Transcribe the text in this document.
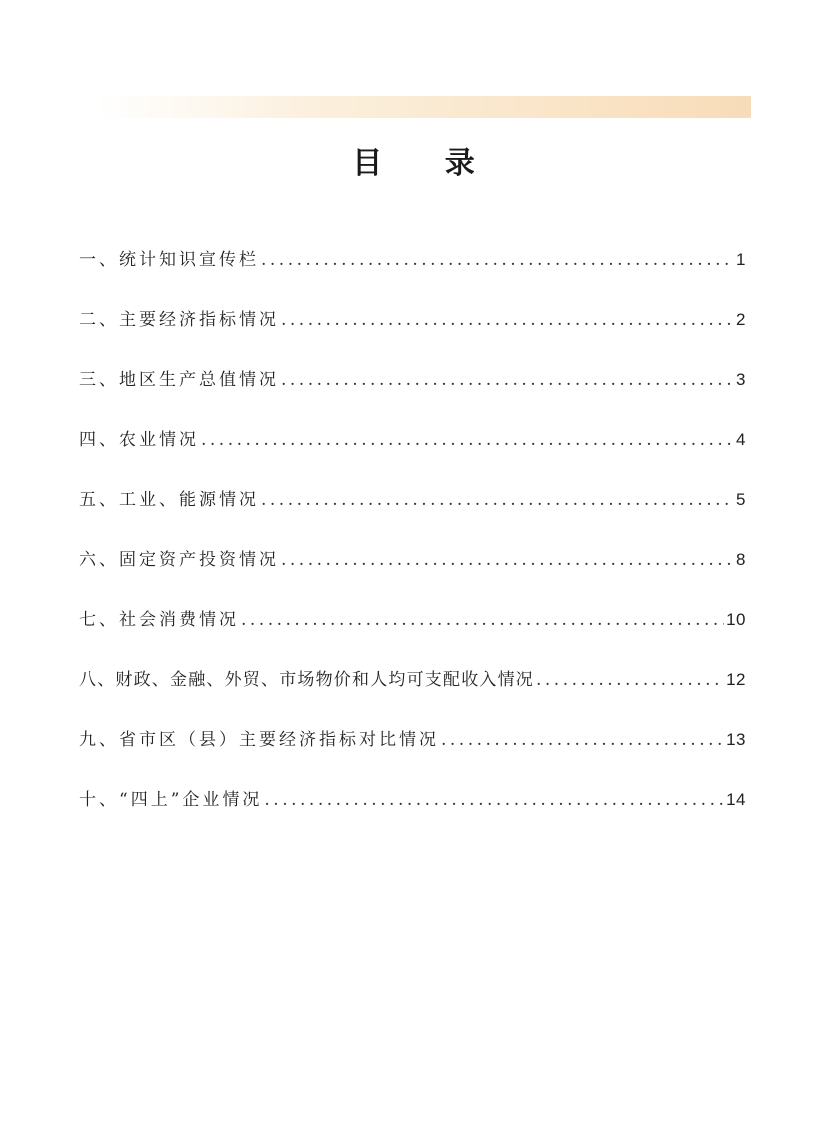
目 录
一、统计知识宣传栏 .....	1
二、主要经济指标情况 .....	2
三、地区生产总值情况 .....	3
四、农业情况 .....	4
五、工业、能源情况 .....	5
六、固定资产投资情况 .....	8
七、社会消费情况 .....	10
八、财政、金融、外贸、市场物价和人均可支配收入情况 .....	12
九、省市区（县）主要经济指标对比情况 .....	13
十、“四上”企业情况 .....	14
